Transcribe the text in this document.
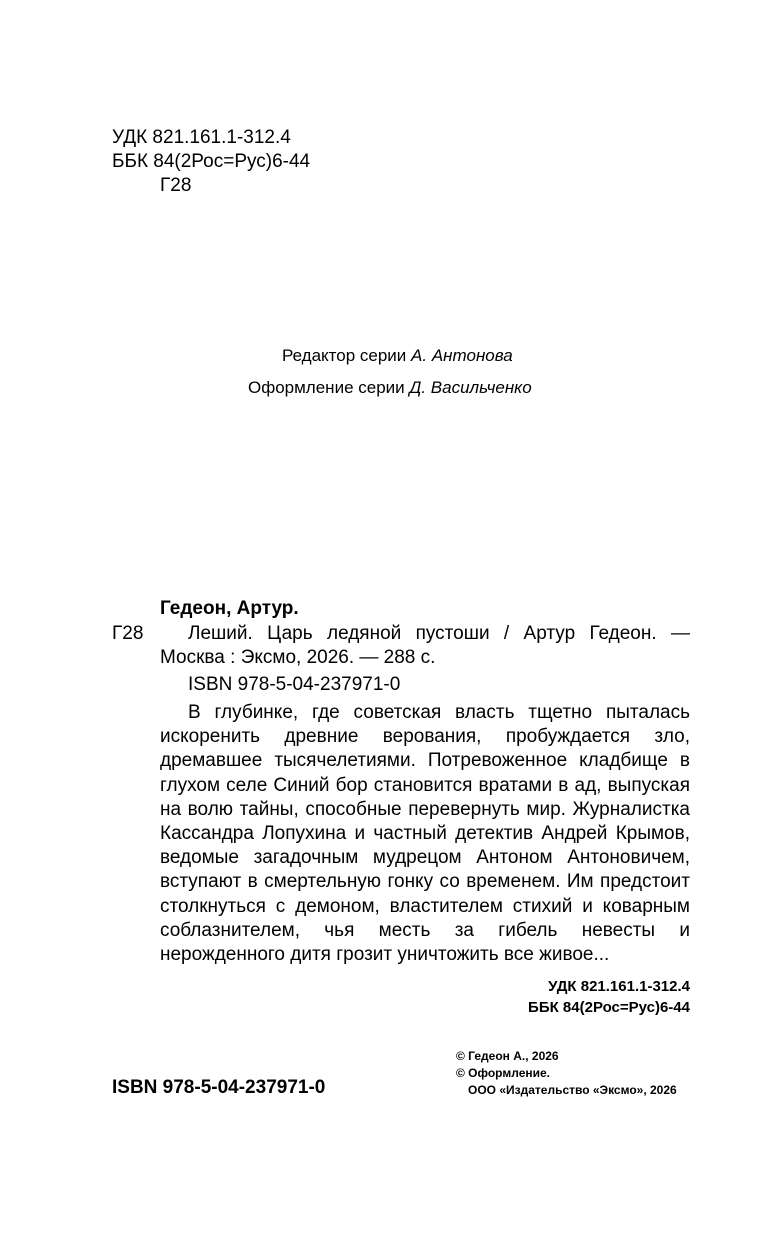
УДК 821.161.1-312.4
ББК 84(2Рос=Рус)6-44
Г28
Редактор серии А. Антонова
Оформление серии Д. Васильченко
Гедеон, Артур.
Г28 Леший. Царь ледяной пустоши / Артур Гедеон. —
Москва : Эксмо, 2026. — 288 с.
ISBN 978-5-04-237971-0
В глубинке, где советская власть тщетно пыталась искоренить древние верования, пробуждается зло, дремавшее тысячелетиями. Потревоженное кладбище в глухом селе Синий бор становится вратами в ад, выпуская на волю тайны, способные перевернуть мир. Журналистка Кассандра Лопухина и частный детектив Андрей Крымов, ведомые загадочным мудрецом Антоном Антоновичем, вступают в смертельную гонку со временем. Им предстоит столкнуться с демоном, властителем стихий и коварным соблазнителем, чья месть за гибель невесты и нерожденного дитя грозит уничтожить все живое...
УДК 821.161.1-312.4
ББК 84(2Рос=Рус)6-44
ISBN 978-5-04-237971-0
© Гедеон А., 2026
© Оформление.
ООО «Издательство «Эксмо», 2026
